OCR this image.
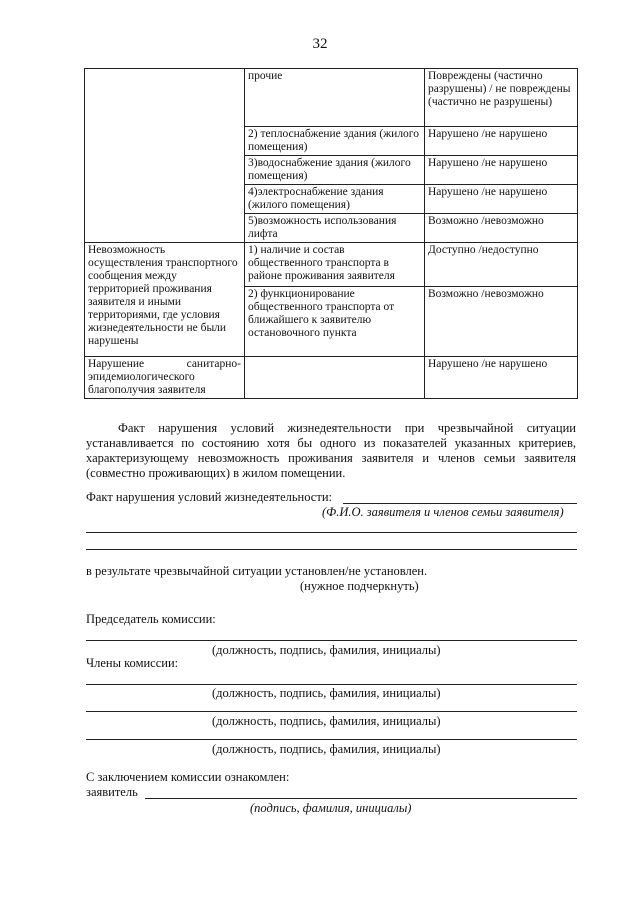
32
	прочие	Повреждены (частично разрушены) / не повреждены (частично не разрушены)
	2) теплоснабжение здания (жилого помещения)	Нарушено /не нарушено
	3)водоснабжение здания (жилого помещения)	Нарушено /не нарушено
	4)электроснабжение здания (жилого помещения)	Нарушено /не нарушено
	5)возможность использования лифта	Возможно /невозможно
Невозможность осуществления транспортного сообщения между территорией проживания заявителя и иными территориями, где условия жизнедеятельности не были нарушены	1) наличие и состав общественного транспорта в районе проживания заявителя	Доступно /недоступно
	2) функционирование общественного транспорта от ближайшего к заявителю остановочного пункта	Возможно /невозможно
Нарушение санитарно-эпидемиологического благополучия заявителя		Нарушено /не нарушено
Факт нарушения условий жизнедеятельности при чрезвычайной ситуации устанавливается по состоянию хотя бы одного из показателей указанных критериев, характеризующему невозможность проживания заявителя и членов семьи заявителя (совместно проживающих) в жилом помещении.
Факт нарушения условий жизнедеятельности:
(Ф.И.О. заявителя и членов семьи заявителя)
в результате чрезвычайной ситуации установлен/не установлен.
(нужное подчеркнуть)
Председатель комиссии:
(должность, подпись, фамилия, инициалы)
Члены комиссии:
(должность, подпись, фамилия, инициалы)
(должность, подпись, фамилия, инициалы)
(должность, подпись, фамилия, инициалы)
С заключением комиссии ознакомлен:
заявитель
(подпись, фамилия, инициалы)
